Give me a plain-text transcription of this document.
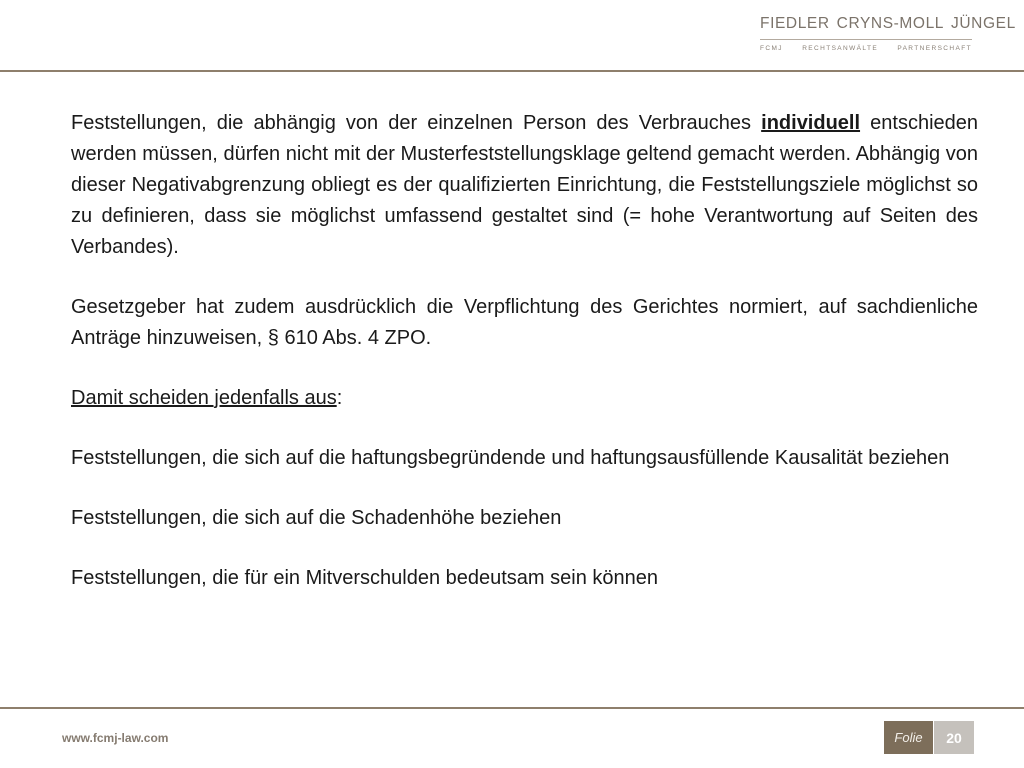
FIEDLER CRYNS-MOLL JÜNGEL
FCMJ	RECHTSANWÄLTE	PARTNERSCHAFT

Feststellungen, die abhängig von der einzelnen Person des Verbrauches individuell entschieden werden müssen, dürfen nicht mit der Musterfeststellungsklage geltend gemacht werden. Abhängig von dieser Negativabgrenzung obliegt es der qualifizierten Einrichtung, die Feststellungsziele möglichst so zu definieren, dass sie möglichst umfassend gestaltet sind (= hohe Verantwortung auf Seiten des Verbandes).

Gesetzgeber hat zudem ausdrücklich die Verpflichtung des Gerichtes normiert, auf sachdienliche Anträge hinzuweisen, § 610 Abs. 4 ZPO.

Damit scheiden jedenfalls aus:

Feststellungen, die sich auf die haftungsbegründende und haftungsausfüllende Kausalität beziehen

Feststellungen, die sich auf die Schadenhöhe beziehen

Feststellungen, die für ein Mitverschulden bedeutsam sein können

www.fcmj-law.com	Folie 20
